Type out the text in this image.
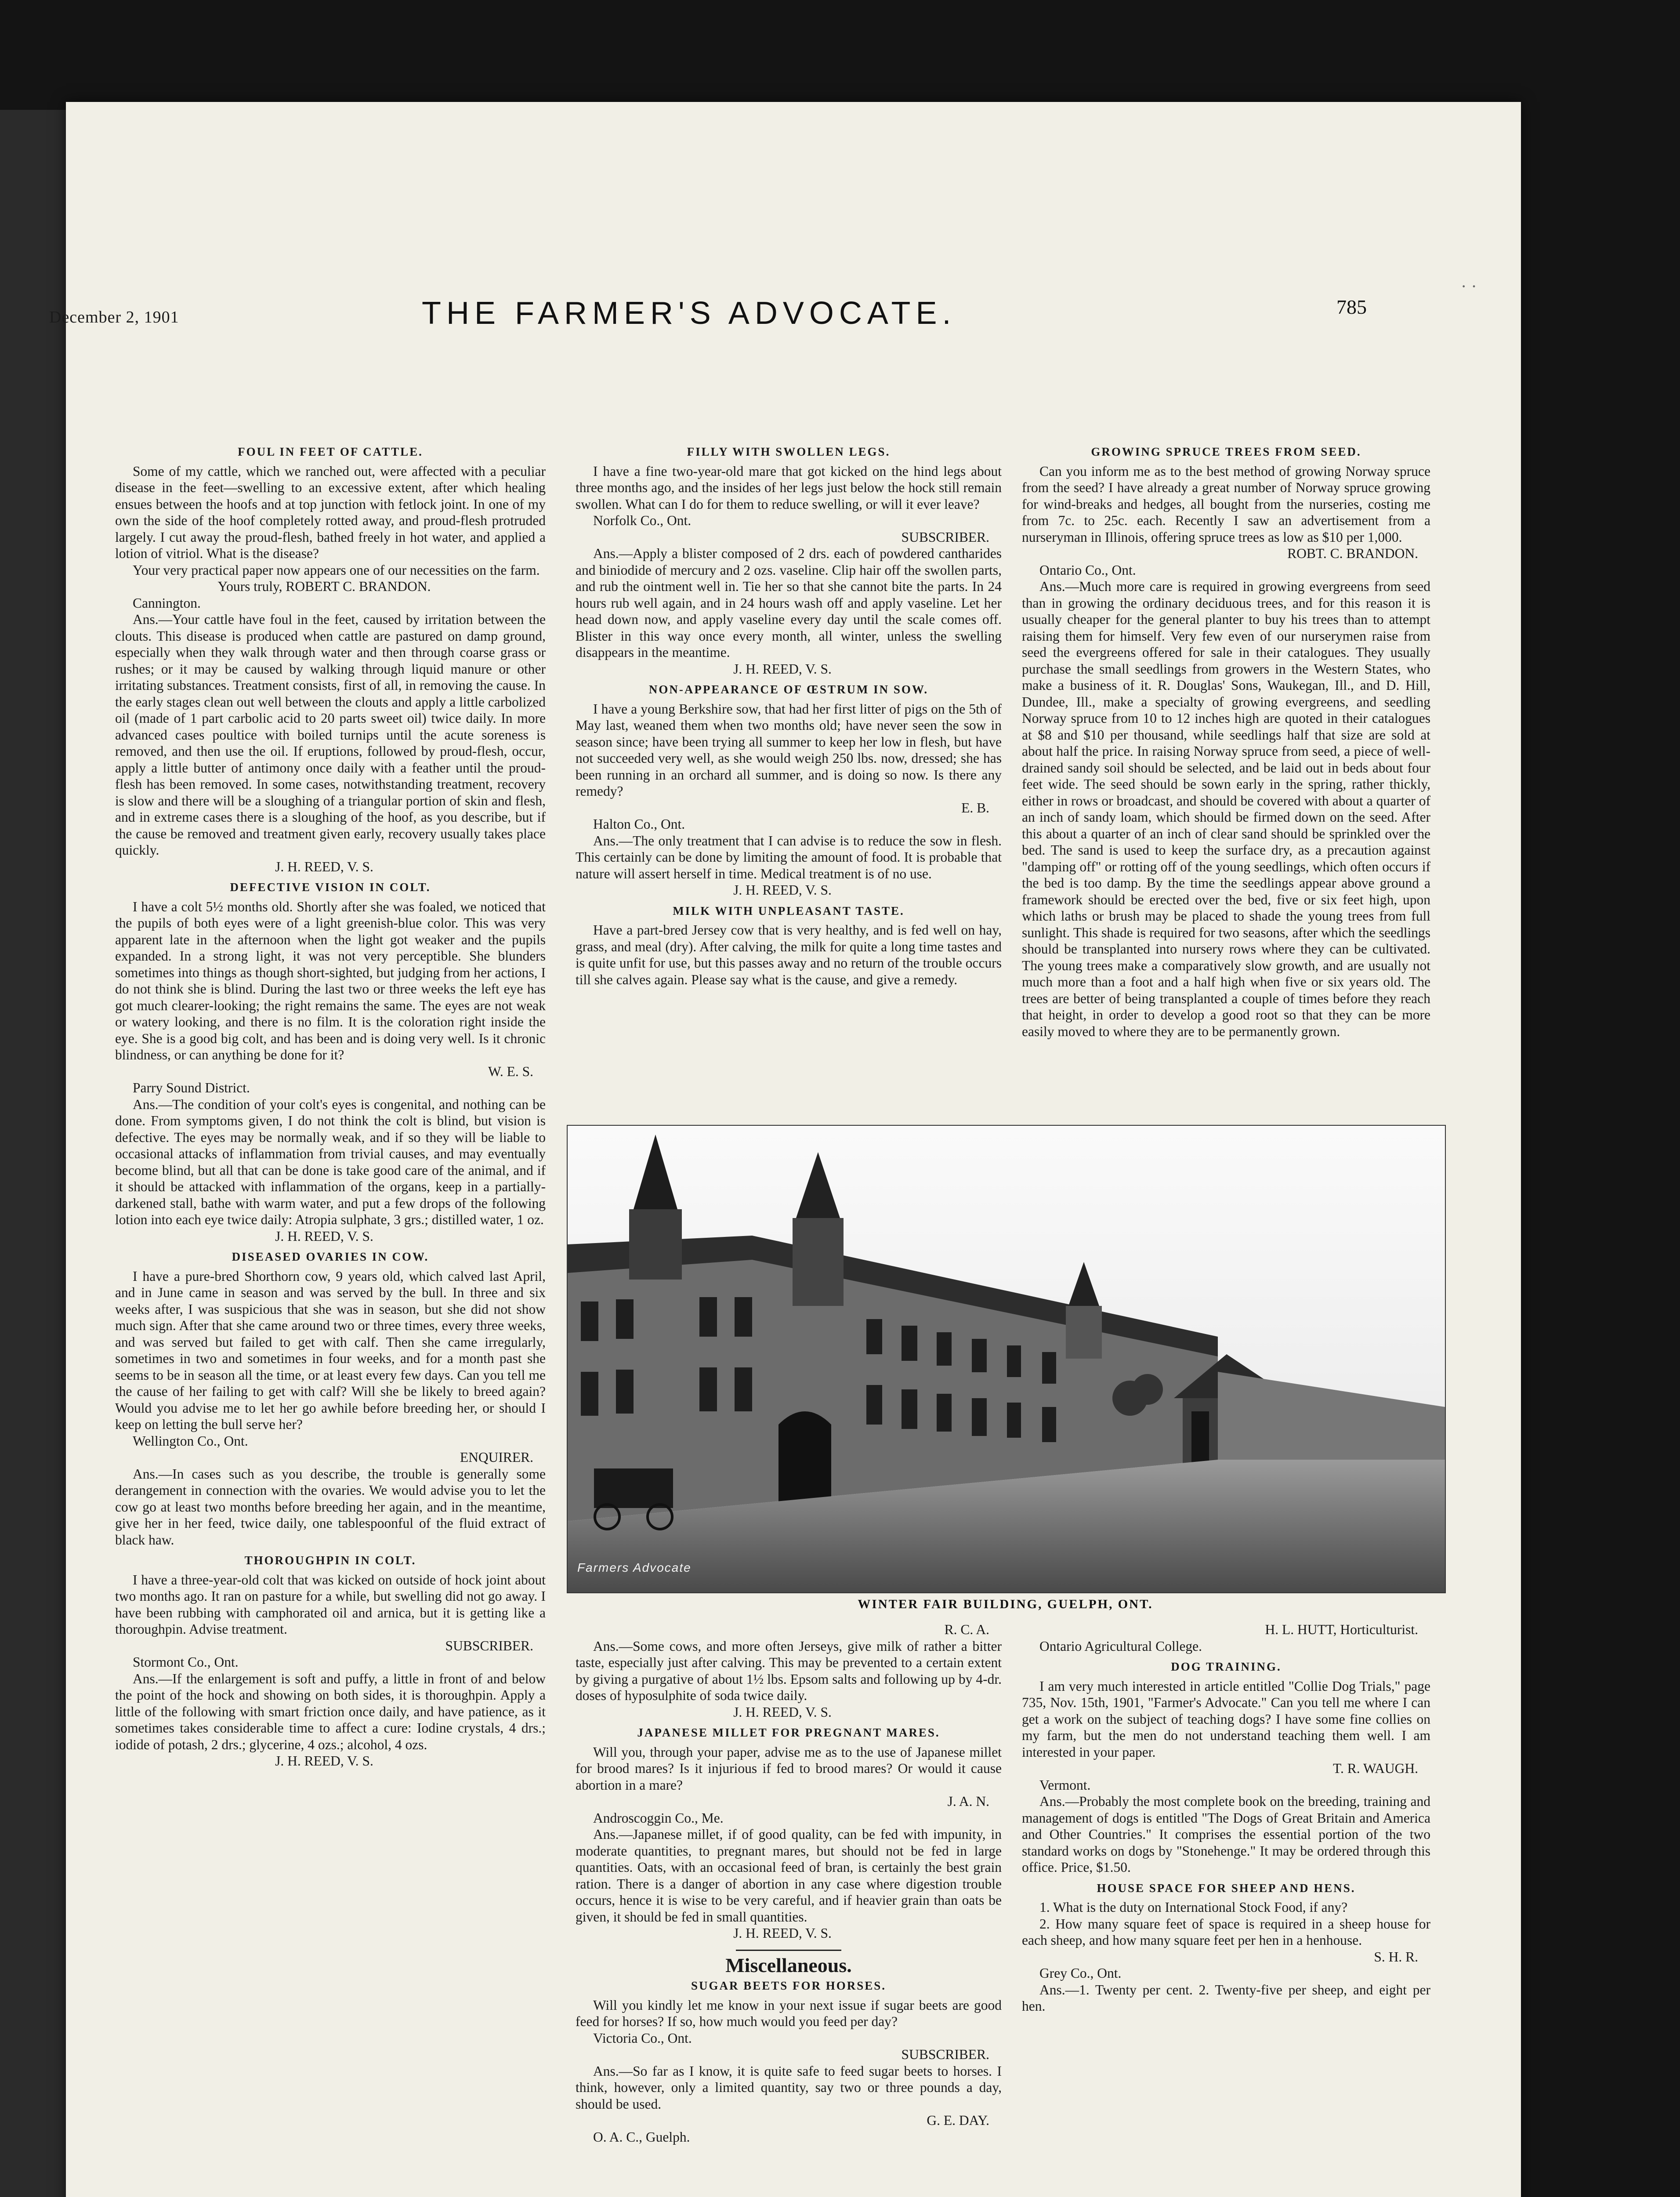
· ·
December 2, 1901	THE FARMER'S ADVOCATE.	785
FOUL IN FEET OF CATTLE.

Some of my cattle, which we ranched out, were affected with a peculiar disease in the feet—swelling to an excessive extent, after which healing ensues between the hoofs and at top junction with fetlock joint. In one of my own the side of the hoof completely rotted away, and proud-flesh protruded largely. I cut away the proud-flesh, bathed freely in hot water, and applied a lotion of vitriol. What is the disease?

Your very practical paper now appears one of our necessities on the farm.

Yours truly, ROBERT C. BRANDON.

Cannington.

Ans.—Your cattle have foul in the feet, caused by irritation between the clouts. This disease is produced when cattle are pastured on damp ground, especially when they walk through water and then through coarse grass or rushes; or it may be caused by walking through liquid manure or other irritating substances. Treatment consists, first of all, in removing the cause. In the early stages clean out well between the clouts and apply a little carbolized oil (made of 1 part carbolic acid to 20 parts sweet oil) twice daily. In more advanced cases poultice with boiled turnips until the acute soreness is removed, and then use the oil. If eruptions, followed by proud-flesh, occur, apply a little butter of antimony once daily with a feather until the proud-flesh has been removed. In some cases, notwithstanding treatment, recovery is slow and there will be a sloughing of a triangular portion of skin and flesh, and in extreme cases there is a sloughing of the hoof, as you describe, but if the cause be removed and treatment given early, recovery usually takes place quickly.

J. H. REED, V. S.

DEFECTIVE VISION IN COLT.

I have a colt 5½ months old. Shortly after she was foaled, we noticed that the pupils of both eyes were of a light greenish-blue color. This was very apparent late in the afternoon when the light got weaker and the pupils expanded. In a strong light, it was not very perceptible. She blunders sometimes into things as though short-sighted, but judging from her actions, I do not think she is blind. During the last two or three weeks the left eye has got much clearer-looking; the right remains the same. The eyes are not weak or watery looking, and there is no film. It is the coloration right inside the eye. She is a good big colt, and has been and is doing very well. Is it chronic blindness, or can anything be done for it?

W. E. S.

Parry Sound District.

Ans.—The condition of your colt's eyes is congenital, and nothing can be done. From symptoms given, I do not think the colt is blind, but vision is defective. The eyes may be normally weak, and if so they will be liable to occasional attacks of inflammation from trivial causes, and may eventually become blind, but all that can be done is take good care of the animal, and if it should be attacked with inflammation of the organs, keep in a partially-darkened stall, bathe with warm water, and put a few drops of the following lotion into each eye twice daily: Atropia sulphate, 3 grs.; distilled water, 1 oz.

J. H. REED, V. S.

DISEASED OVARIES IN COW.

I have a pure-bred Shorthorn cow, 9 years old, which calved last April, and in June came in season and was served by the bull. In three and six weeks after, I was suspicious that she was in season, but she did not show much sign. After that she came around two or three times, every three weeks, and was served but failed to get with calf. Then she came irregularly, sometimes in two and sometimes in four weeks, and for a month past she seems to be in season all the time, or at least every few days. Can you tell me the cause of her failing to get with calf? Will she be likely to breed again? Would you advise me to let her go awhile before breeding her, or should I keep on letting the bull serve her?

Wellington Co., Ont.

ENQUIRER.

Ans.—In cases such as you describe, the trouble is generally some derangement in connection with the ovaries. We would advise you to let the cow go at least two months before breeding her again, and in the meantime, give her in her feed, twice daily, one tablespoonful of the fluid extract of black haw.

THOROUGHPIN IN COLT.

I have a three-year-old colt that was kicked on outside of hock joint about two months ago. It ran on pasture for a while, but swelling did not go away. I have been rubbing with camphorated oil and arnica, but it is getting like a thoroughpin. Advise treatment.

SUBSCRIBER.

Stormont Co., Ont.

Ans.—If the enlargement is soft and puffy, a little in front of and below the point of the hock and showing on both sides, it is thoroughpin. Apply a little of the following with smart friction once daily, and have patience, as it sometimes takes considerable time to affect a cure: Iodine crystals, 4 drs.; iodide of potash, 2 drs.; glycerine, 4 ozs.; alcohol, 4 ozs.

J. H. REED, V. S.

FILLY WITH SWOLLEN LEGS.

I have a fine two-year-old mare that got kicked on the hind legs about three months ago, and the insides of her legs just below the hock still remain swollen. What can I do for them to reduce swelling, or will it ever leave?

Norfolk Co., Ont.

SUBSCRIBER.

Ans.—Apply a blister composed of 2 drs. each of powdered cantharides and biniodide of mercury and 2 ozs. vaseline. Clip hair off the swollen parts, and rub the ointment well in. Tie her so that she cannot bite the parts. In 24 hours rub well again, and in 24 hours wash off and apply vaseline. Let her head down now, and apply vaseline every day until the scale comes off. Blister in this way once every month, all winter, unless the swelling disappears in the meantime.

J. H. REED, V. S.

NON-APPEARANCE OF ŒSTRUM IN SOW.

I have a young Berkshire sow, that had her first litter of pigs on the 5th of May last, weaned them when two months old; have never seen the sow in season since; have been trying all summer to keep her low in flesh, but have not succeeded very well, as she would weigh 250 lbs. now, dressed; she has been running in an orchard all summer, and is doing so now. Is there any remedy?

E. B.

Halton Co., Ont.

Ans.—The only treatment that I can advise is to reduce the sow in flesh. This certainly can be done by limiting the amount of food. It is probable that nature will assert herself in time. Medical treatment is of no use.

J. H. REED, V. S.

MILK WITH UNPLEASANT TASTE.

Have a part-bred Jersey cow that is very healthy, and is fed well on hay, grass, and meal (dry). After calving, the milk for quite a long time tastes and is quite unfit for use, but this passes away and no return of the trouble occurs till she calves again. Please say what is the cause, and give a remedy.

GROWING SPRUCE TREES FROM SEED.

Can you inform me as to the best method of growing Norway spruce from the seed? I have already a great number of Norway spruce growing for wind-breaks and hedges, all bought from the nurseries, costing me from 7c. to 25c. each. Recently I saw an advertisement from a nurseryman in Illinois, offering spruce trees as low as $10 per 1,000.

ROBT. C. BRANDON.

Ontario Co., Ont.

Ans.—Much more care is required in growing evergreens from seed than in growing the ordinary deciduous trees, and for this reason it is usually cheaper for the general planter to buy his trees than to attempt raising them for himself. Very few even of our nurserymen raise from seed the evergreens offered for sale in their catalogues. They usually purchase the small seedlings from growers in the Western States, who make a business of it. R. Douglas' Sons, Waukegan, Ill., and D. Hill, Dundee, Ill., make a specialty of growing evergreens, and seedling Norway spruce from 10 to 12 inches high are quoted in their catalogues at $8 and $10 per thousand, while seedlings half that size are sold at about half the price. In raising Norway spruce from seed, a piece of well-drained sandy soil should be selected, and be laid out in beds about four feet wide. The seed should be sown early in the spring, rather thickly, either in rows or broadcast, and should be covered with about a quarter of an inch of sandy loam, which should be firmed down on the seed. After this about a quarter of an inch of clear sand should be sprinkled over the bed. The sand is used to keep the surface dry, as a precaution against "damping off" or rotting off of the young seedlings, which often occurs if the bed is too damp. By the time the seedlings appear above ground a framework should be erected over the bed, five or six feet high, upon which laths or brush may be placed to shade the young trees from full sunlight. This shade is required for two seasons, after which the seedlings should be transplanted into nursery rows where they can be cultivated. The young trees make a comparatively slow growth, and are usually not much more than a foot and a half high when five or six years old. The trees are better of being transplanted a couple of times before they reach that height, in order to develop a good root so that they can be more easily moved to where they are to be permanently grown.

Farmers Advocate
WINTER FAIR BUILDING, GUELPH, ONT.

R. C. A.

Ans.—Some cows, and more often Jerseys, give milk of rather a bitter taste, especially just after calving. This may be prevented to a certain extent by giving a purgative of about 1½ lbs. Epsom salts and following up by 4-dr. doses of hyposulphite of soda twice daily.

J. H. REED, V. S.

JAPANESE MILLET FOR PREGNANT MARES.

Will you, through your paper, advise me as to the use of Japanese millet for brood mares? Is it injurious if fed to brood mares? Or would it cause abortion in a mare?

J. A. N.

Androscoggin Co., Me.

Ans.—Japanese millet, if of good quality, can be fed with impunity, in moderate quantities, to pregnant mares, but should not be fed in large quantities. Oats, with an occasional feed of bran, is certainly the best grain ration. There is a danger of abortion in any case where digestion trouble occurs, hence it is wise to be very careful, and if heavier grain than oats be given, it should be fed in small quantities.

J. H. REED, V. S.

Miscellaneous.
SUGAR BEETS FOR HORSES.

Will you kindly let me know in your next issue if sugar beets are good feed for horses? If so, how much would you feed per day?

Victoria Co., Ont.

SUBSCRIBER.

Ans.—So far as I know, it is quite safe to feed sugar beets to horses. I think, however, only a limited quantity, say two or three pounds a day, should be used.

G. E. DAY.

O. A. C., Guelph.

H. L. HUTT, Horticulturist.

Ontario Agricultural College.

DOG TRAINING.

I am very much interested in article entitled "Collie Dog Trials," page 735, Nov. 15th, 1901, "Farmer's Advocate." Can you tell me where I can get a work on the subject of teaching dogs? I have some fine collies on my farm, but the men do not understand teaching them well. I am interested in your paper.

T. R. WAUGH.

Vermont.

Ans.—Probably the most complete book on the breeding, training and management of dogs is entitled "The Dogs of Great Britain and America and Other Countries." It comprises the essential portion of the two standard works on dogs by "Stonehenge." It may be ordered through this office. Price, $1.50.

HOUSE SPACE FOR SHEEP AND HENS.

1. What is the duty on International Stock Food, if any?

2. How many square feet of space is required in a sheep house for each sheep, and how many square feet per hen in a henhouse.

S. H. R.

Grey Co., Ont.

Ans.—1. Twenty per cent. 2. Twenty-five per sheep, and eight per hen.
